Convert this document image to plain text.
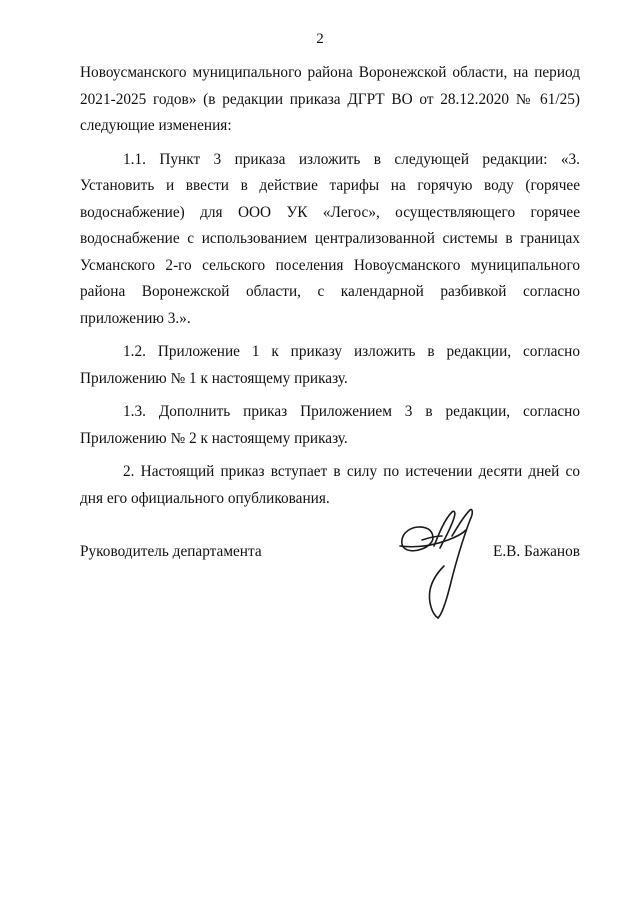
2

Новоусманского муниципального района Воронежской области, на период 2021-2025 годов» (в редакции приказа ДГРТ ВО от 28.12.2020 № 61/25) следующие изменения:

1.1. Пункт 3 приказа изложить в следующей редакции: «3. Установить и ввести в действие тарифы на горячую воду (горячее водоснабжение) для ООО УК «Легос», осуществляющего горячее водоснабжение с использованием централизованной системы в границах Усманского 2-го сельского поселения Новоусманского муниципального района Воронежской области, с календарной разбивкой согласно приложению 3.».

1.2. Приложение 1 к приказу изложить в редакции, согласно Приложению № 1 к настоящему приказу.

1.3. Дополнить приказ Приложением 3 в редакции, согласно Приложению № 2 к настоящему приказу.

2. Настоящий приказ вступает в силу по истечении десяти дней со дня его официального опубликования.

Руководитель департамента	Е.В. Бажанов
